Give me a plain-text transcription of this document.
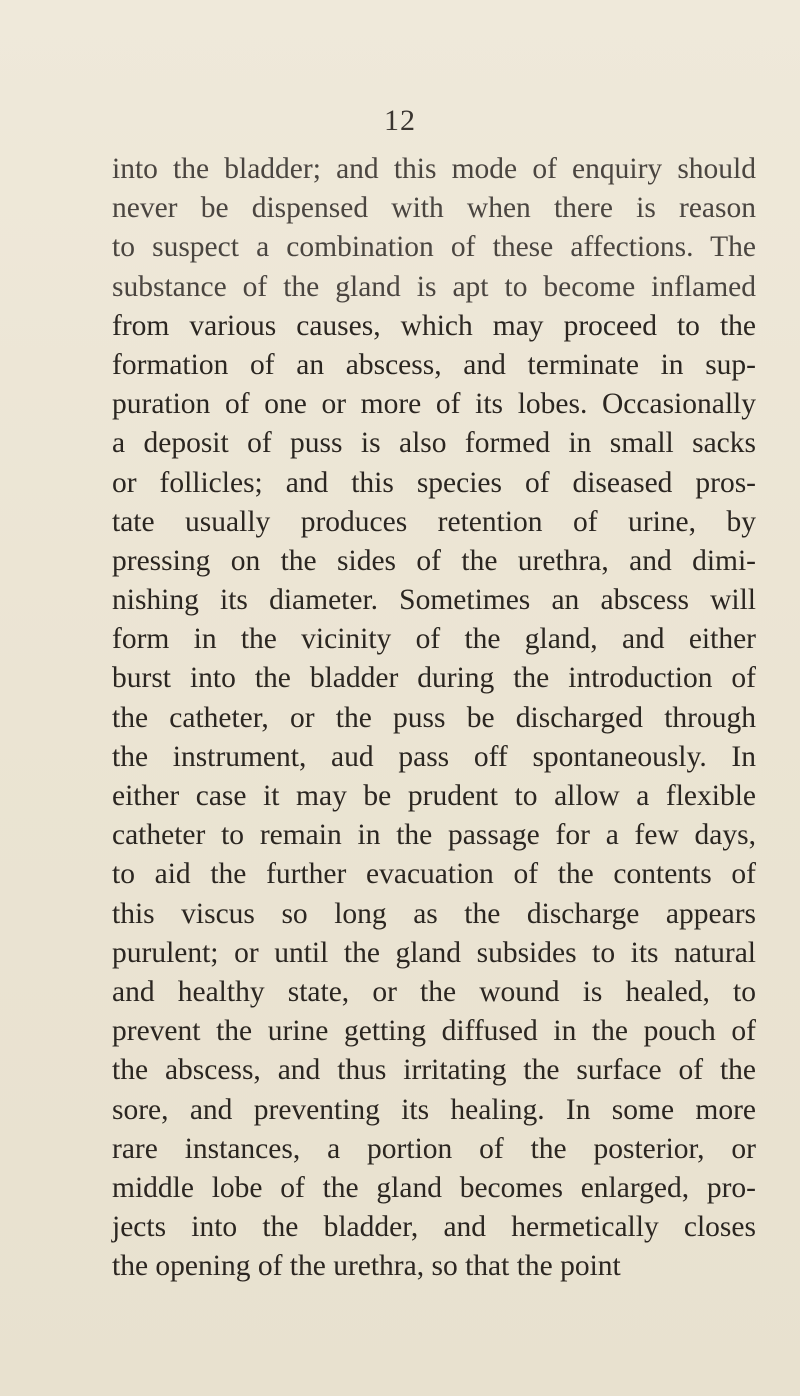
12
into the bladder; and this mode of enquiry should
never be dispensed with when there is reason
to suspect a combination of these affections. The
substance of the gland is apt to become inflamed
from various causes, which may proceed to the
formation of an abscess, and terminate in sup-
puration of one or more of its lobes. Occasionally
a deposit of puss is also formed in small sacks
or follicles; and this species of diseased pros-
tate usually produces retention of urine, by
pressing on the sides of the urethra, and dimi-
nishing its diameter. Sometimes an abscess will
form in the vicinity of the gland, and either
burst into the bladder during the introduction of
the catheter, or the puss be discharged through
the instrument, aud pass off spontaneously. In
either case it may be prudent to allow a flexible
catheter to remain in the passage for a few days,
to aid the further evacuation of the contents of
this viscus so long as the discharge appears
purulent; or until the gland subsides to its natural
and healthy state, or the wound is healed, to
prevent the urine getting diffused in the pouch of
the abscess, and thus irritating the surface of the
sore, and preventing its healing. In some more
rare instances, a portion of the posterior, or
middle lobe of the gland becomes enlarged, pro-
jects into the bladder, and hermetically closes
the opening of the urethra, so that the point
